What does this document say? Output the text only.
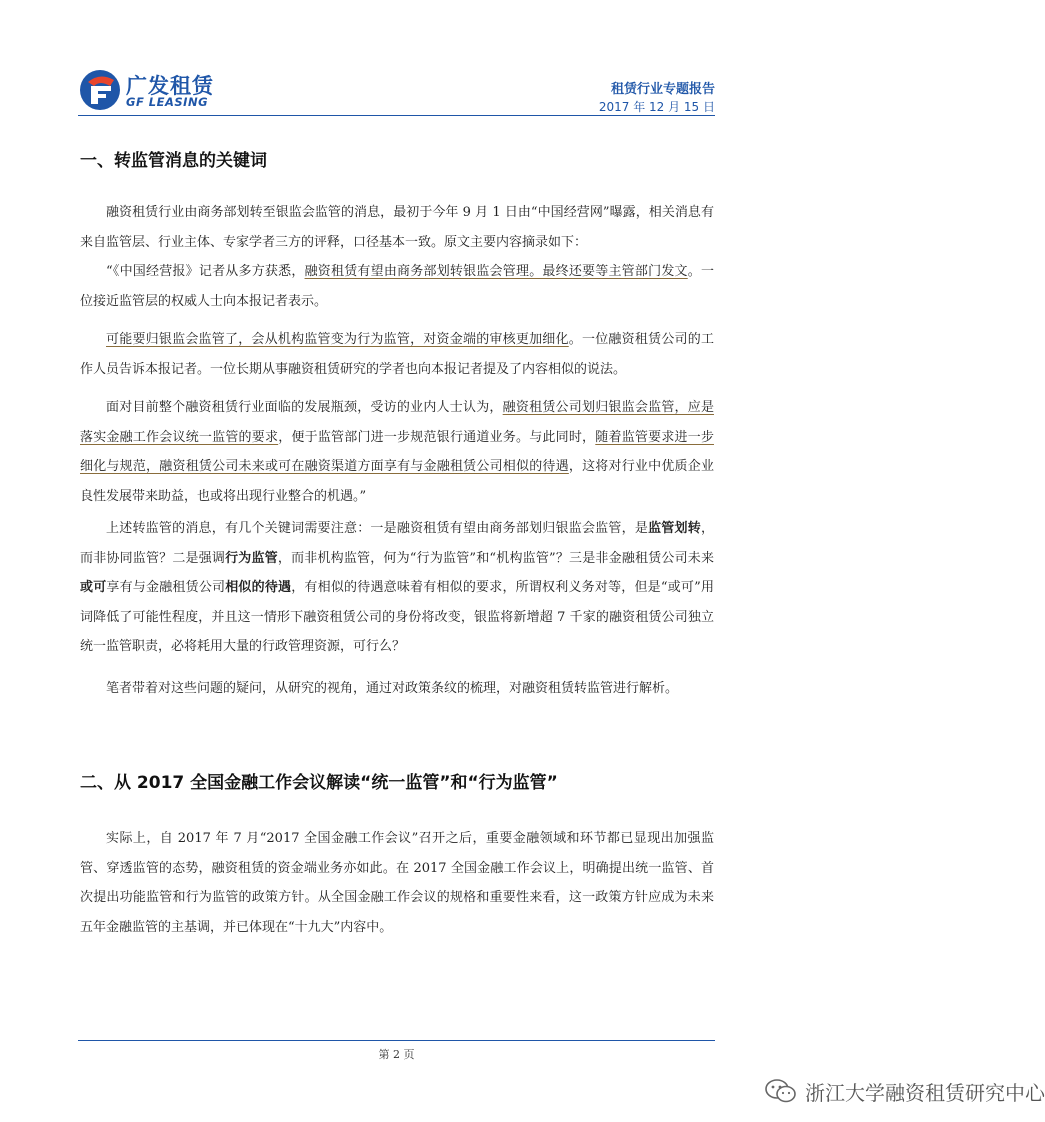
广发租赁
GF LEASING
租赁行业专题报告
2017 年 12 月 15 日
一、转监管消息的关键词

融资租赁行业由商务部划转至银监会监管的消息，最初于今年 9 月 1 日由“中国经营网”曝露，相关消息有来自监管层、行业主体、专家学者三方的评释，口径基本一致。原文主要内容摘录如下：

“《中国经营报》记者从多方获悉，融资租赁有望由商务部划转银监会管理。最终还要等主管部门发文。一位接近监管层的权威人士向本报记者表示。

可能要归银监会监管了，会从机构监管变为行为监管，对资金端的审核更加细化。一位融资租赁公司的工作人员告诉本报记者。一位长期从事融资租赁研究的学者也向本报记者提及了内容相似的说法。

面对目前整个融资租赁行业面临的发展瓶颈，受访的业内人士认为，融资租赁公司划归银监会监管，应是落实金融工作会议统一监管的要求，便于监管部门进一步规范银行通道业务。与此同时，随着监管要求进一步细化与规范，融资租赁公司未来或可在融资渠道方面享有与金融租赁公司相似的待遇，这将对行业中优质企业良性发展带来助益，也或将出现行业整合的机遇。”

上述转监管的消息，有几个关键词需要注意：一是融资租赁有望由商务部划归银监会监管，是监管划转，而非协同监管？二是强调行为监管，而非机构监管，何为“行为监管”和“机构监管”？三是非金融租赁公司未来或可享有与金融租赁公司相似的待遇，有相似的待遇意味着有相似的要求，所谓权利义务对等，但是“或可”用词降低了可能性程度，并且这一情形下融资租赁公司的身份将改变，银监将新增超 7 千家的融资租赁公司独立统一监管职责，必将耗用大量的行政管理资源，可行么？

笔者带着对这些问题的疑问，从研究的视角，通过对政策条纹的梳理，对融资租赁转监管进行解析。

二、从 2017 全国金融工作会议解读“统一监管”和“行为监管”

实际上，自 2017 年 7 月“2017 全国金融工作会议”召开之后，重要金融领域和环节都已显现出加强监管、穿透监管的态势，融资租赁的资金端业务亦如此。在 2017 全国金融工作会议上，明确提出统一监管、首次提出功能监管和行为监管的政策方针。从全国金融工作会议的规格和重要性来看，这一政策方针应成为未来五年金融监管的主基调，并已体现在“十九大”内容中。

第 2 页
浙江大学融资租赁研究中心
